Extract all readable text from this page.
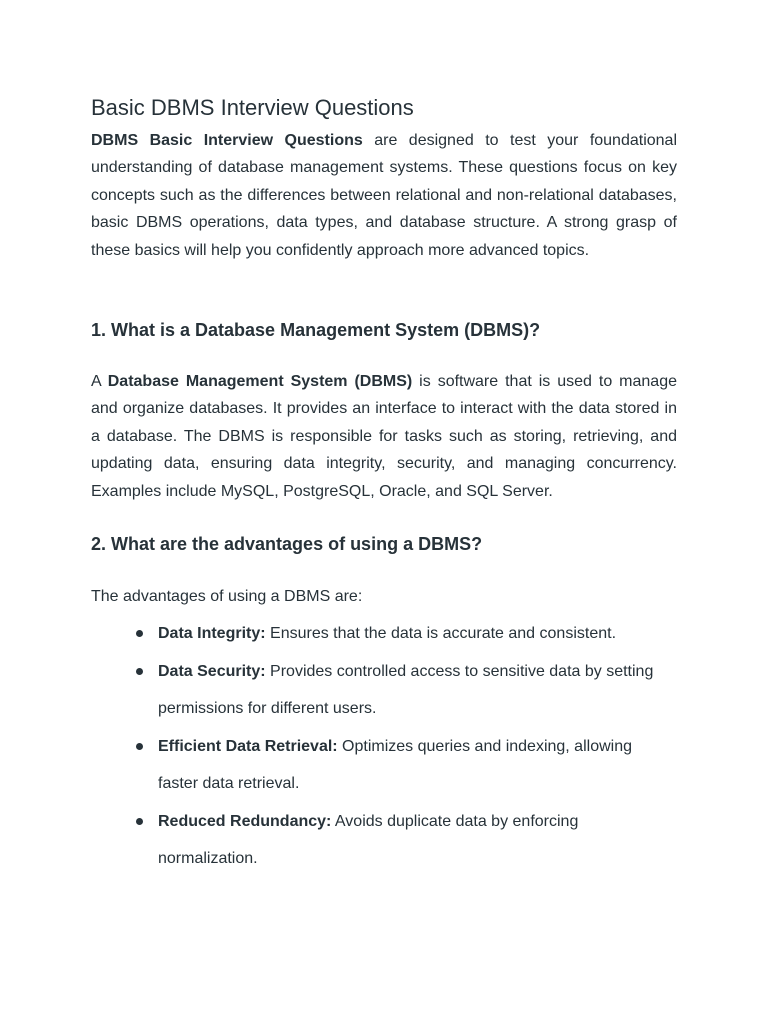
Basic DBMS Interview Questions

DBMS Basic Interview Questions are designed to test your foundational understanding of database management systems. These questions focus on key concepts such as the differences between relational and non-relational databases, basic DBMS operations, data types, and database structure. A strong grasp of these basics will help you confidently approach more advanced topics.

1. What is a Database Management System (DBMS)?

A Database Management System (DBMS) is software that is used to manage and organize databases. It provides an interface to interact with the data stored in a database. The DBMS is responsible for tasks such as storing, retrieving, and updating data, ensuring data integrity, security, and managing concurrency. Examples include MySQL, PostgreSQL, Oracle, and SQL Server.

2. What are the advantages of using a DBMS?

The advantages of using a DBMS are:

Data Integrity: Ensures that the data is accurate and consistent.
Data Security: Provides controlled access to sensitive data by setting permissions for different users.
Efficient Data Retrieval: Optimizes queries and indexing, allowing faster data retrieval.
Reduced Redundancy: Avoids duplicate data by enforcing normalization.
